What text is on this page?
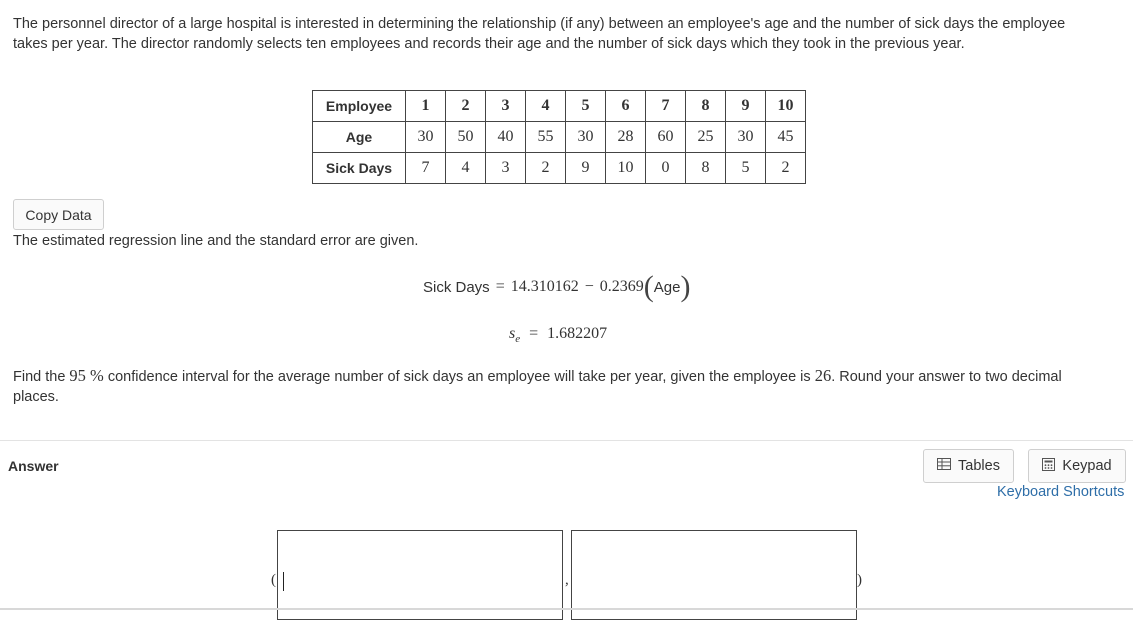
The personnel director of a large hospital is interested in determining the relationship (if any) between an employee's age and the number of sick days the employee takes per year. The director randomly selects ten employees and records their age and the number of sick days which they took in the previous year.
Employee	1	2	3	4	5	6	7	8	9	10
Age	30	50	40	55	30	28	60	25	30	45
Sick Days	7	4	3	2	9	10	0	8	5	2
Copy Data
The estimated regression line and the standard error are given.
Sick Days = 14.310162 − 0.2369 ( Age )
$s_e = 1.682207$
Find the 95 % confidence interval for the average number of sick days an employee will take per year, given the employee is 26. Round your answer to two decimal places.
Answer	Tables	Keypad
Keyboard Shortcuts
(	,	)
